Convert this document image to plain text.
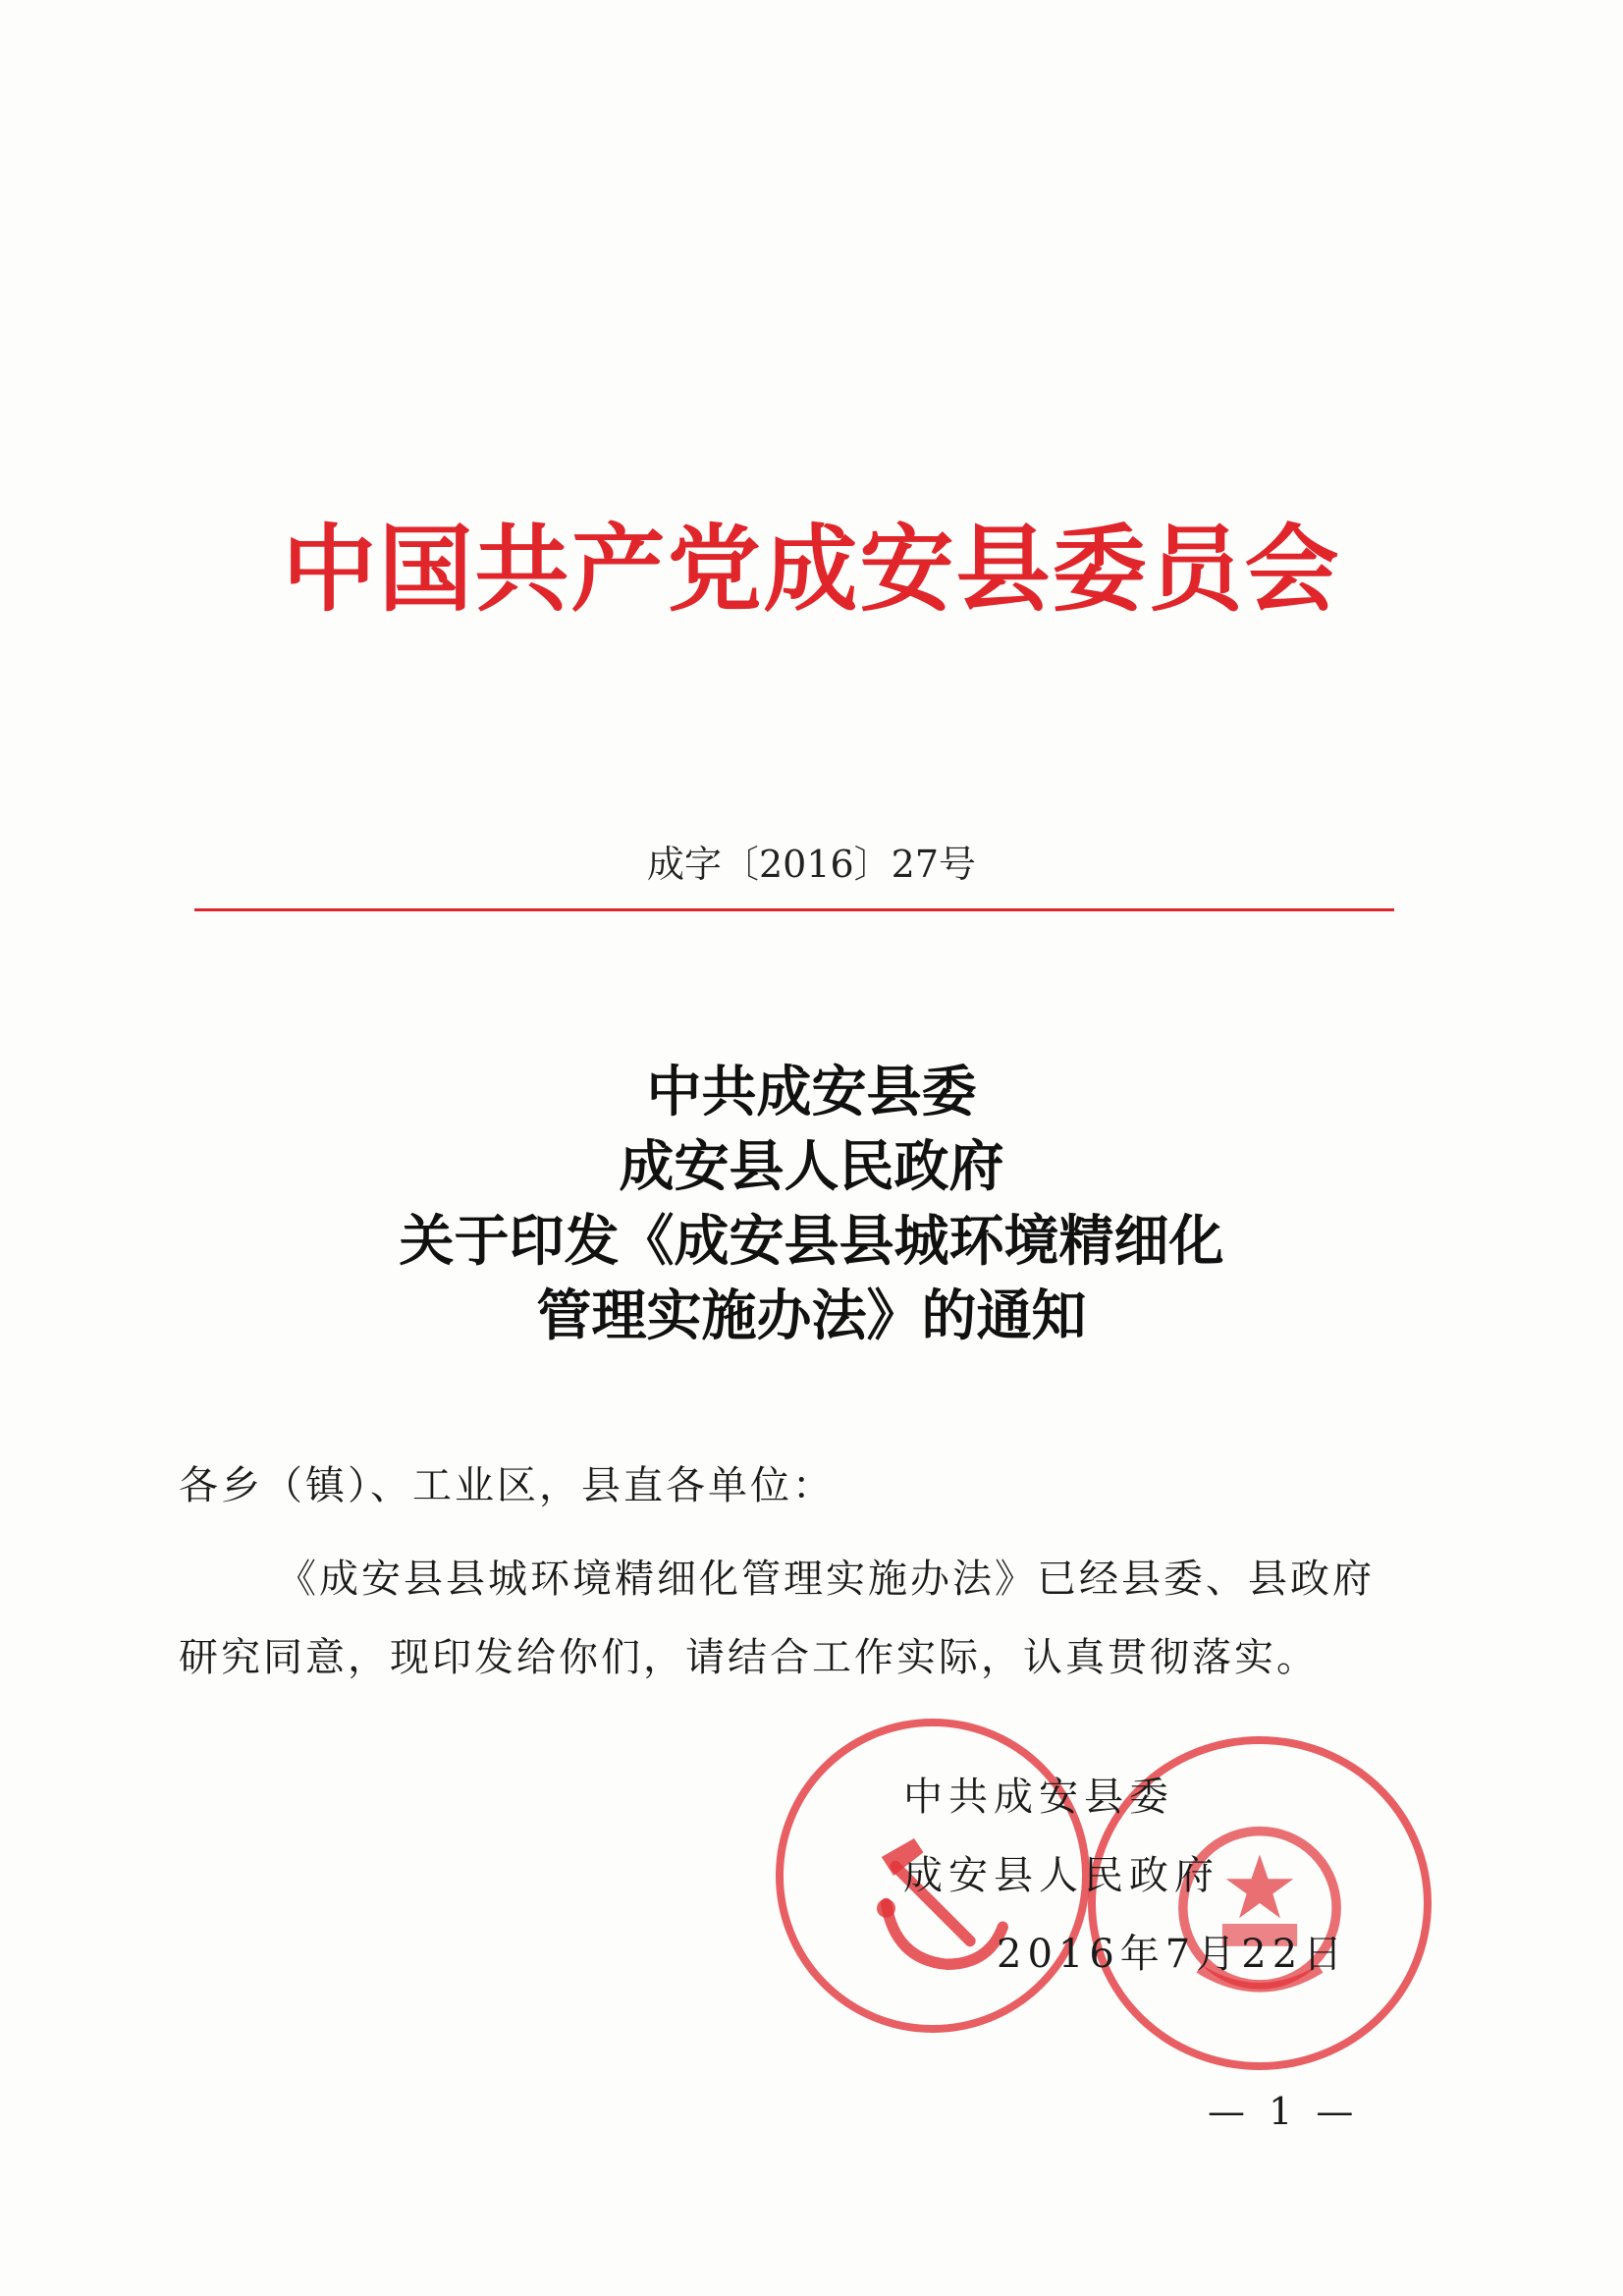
中国共产党成安县委员会
成字〔2016〕27号
中共成安县委
成安县人民政府
关于印发《成安县县城环境精细化
管理实施办法》的通知
各乡（镇）、工业区，县直各单位：
《成安县县城环境精细化管理实施办法》已经县委、县政府研究同意，现印发给你们，请结合工作实际，认真贯彻落实。
中共成安县委
成安县人民政府
2016年7月22日
— 1 —
